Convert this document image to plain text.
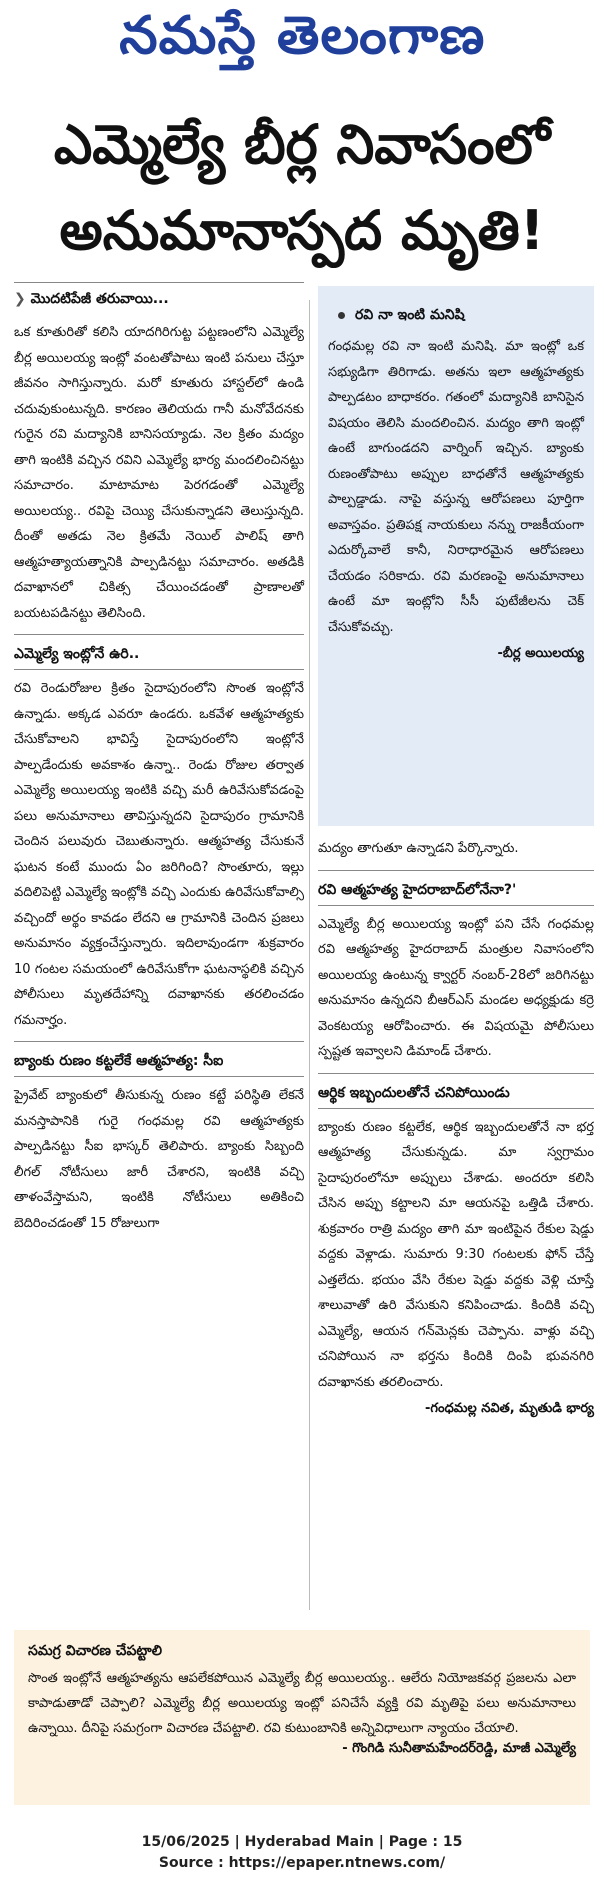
నమస్తే తెలంగాణ
ఎమ్మెల్యే బీర్ల నివాసంలో
అనుమానాస్పద మృతి!
❯ మొదటిపేజీ తరువాయి...

ఒక కూతురితో కలిసి యాదగిరిగుట్ట పట్టణంలోని ఎమ్మెల్యే బీర్ల అయిలయ్య ఇంట్లో వంటతోపాటు ఇంటి పనులు చేస్తూ జీవనం సాగిస్తున్నారు. మరో కూతురు హాస్టల్‌లో ఉండి చదువుకుంటున్నది. కారణం తెలియదు గానీ మనోవేదనకు గురైన రవి మద్యానికి బానిసయ్యాడు. నెల క్రితం మద్యం తాగి ఇంటికి వచ్చిన రవిని ఎమ్మెల్యే భార్య మందలించినట్టు సమాచారం. మాటామాట పెరగడంతో ఎమ్మెల్యే అయిలయ్య.. రవిపై చెయ్యి చేసుకున్నాడని తెలుస్తున్నది. దీంతో అతడు నెల క్రితమే నెయిల్ పాలిష్ తాగి ఆత్మహత్యాయత్నానికి పాల్పడినట్టు సమాచారం. అతడికి దవాఖానలో చికిత్స చేయించడంతో ప్రాణాలతో బయటపడినట్టు తెలిసింది.

ఎమ్మెల్యే ఇంట్లోనే ఉరి..

రవి రెండురోజుల క్రితం సైదాపురంలోని సొంత ఇంట్లోనే ఉన్నాడు. అక్కడ ఎవరూ ఉండరు. ఒకవేళ ఆత్మహత్యకు చేసుకోవాలని భావిస్తే సైదాపురంలోని ఇంట్లోనే పాల్పడేందుకు అవకాశం ఉన్నా.. రెండు రోజుల తర్వాత ఎమ్మెల్యే అయిలయ్య ఇంటికి వచ్చి మరీ ఉరివేసుకోవడంపై పలు అనుమానాలు తావిస్తున్నదని సైదాపురం గ్రామానికి చెందిన పలువురు చెబుతున్నారు. ఆత్మహత్య చేసుకునే ఘటన కంటే ముందు ఏం జరిగింది? సొంతూరు, ఇల్లు వదిలిపెట్టి ఎమ్మెల్యే ఇంట్లోకి వచ్చి ఎందుకు ఉరివేసుకోవాల్సి వచ్చిందో అర్థం కావడం లేదని ఆ గ్రామానికి చెందిన ప్రజలు అనుమానం వ్యక్తంచేస్తున్నారు. ఇదిలావుండగా శుక్రవారం 10 గంటల సమయంలో ఉరివేసుకోగా ఘటనాస్థలికి వచ్చిన పోలీసులు మృతదేహాన్ని దవాఖానకు తరలించడం గమనార్హం.

బ్యాంకు రుణం కట్టలేకే ఆత్మహత్య: సీఐ

ప్రైవేట్ బ్యాంకులో తీసుకున్న రుణం కట్టే పరిస్థితి లేకనే మనస్తాపానికి గురై గంధమల్ల రవి ఆత్మహత్యకు పాల్పడినట్టు సీఐ భాస్కర్ తెలిపారు. బ్యాంకు సిబ్బంది లీగల్ నోటీసులు జారీ చేశారని, ఇంటికి వచ్చి తాళంవేస్తామని, ఇంటికి నోటీసులు అతికించి బెదిరించడంతో 15 రోజులుగా

రవి నా ఇంటి మనిషి

గంధమల్ల రవి నా ఇంటి మనిషి. మా ఇంట్లో ఒక సభ్యుడిగా తిరిగాడు. అతను ఇలా ఆత్మహత్యకు పాల్పడటం బాధాకరం. గతంలో మద్యానికి బానిసైన విషయం తెలిసి మందలించిన. మద్యం తాగి ఇంట్లో ఉంటే బాగుండదని వార్నింగ్ ఇచ్చిన. బ్యాంకు రుణంతోపాటు అప్పుల బాధతోనే ఆత్మహత్యకు పాల్పడ్డాడు. నాపై వస్తున్న ఆరోపణలు పూర్తిగా అవాస్తవం. ప్రతిపక్ష నాయకులు నన్ను రాజకీయంగా ఎదుర్కోవాలే కానీ, నిరాధారమైన ఆరోపణలు చేయడం సరికాదు. రవి మరణంపై అనుమానాలు ఉంటే మా ఇంట్లోని సీసీ పుటేజీలను చెక్ చేసుకోవచ్చు.

-బీర్ల అయిలయ్య

మద్యం తాగుతూ ఉన్నాడని పేర్కొన్నారు.

రవి ఆత్మహత్య హైదరాబాద్‌లోనేనా?'

ఎమ్మెల్యే బీర్ల అయిలయ్య ఇంట్లో పని చేసే గంధమల్ల రవి ఆత్మహత్య హైదరాబాద్ మంత్రుల నివాసంలోని అయిలయ్య ఉంటున్న క్వార్టర్ నంబర్-28లో జరిగినట్టు అనుమానం ఉన్నదని బీఆర్‌ఎస్ మండల అధ్యక్షుడు కర్రె వెంకటయ్య ఆరోపించారు. ఈ విషయమై పోలీసులు స్పష్టత ఇవ్వాలని డిమాండ్ చేశారు.

ఆర్థిక ఇబ్బందులతోనే చనిపోయిండు

బ్యాంకు రుణం కట్టలేక, ఆర్థిక ఇబ్బందులతోనే నా భర్త ఆత్మహత్య చేసుకున్నడు. మా స్వగ్రామం సైదాపురంలోనూ అప్పులు చేశాడు. అందరూ కలిసి చేసిన అప్పు కట్టాలని మా ఆయనపై ఒత్తిడి చేశారు. శుక్రవారం రాత్రి మద్యం తాగి మా ఇంటిపైన రేకుల షెడ్డు వద్దకు వెళ్లాడు. సుమారు 9:30 గంటలకు ఫోన్ చేస్తే ఎత్తలేదు. భయం వేసి రేకుల షెడ్డు వద్దకు వెళ్లి చూస్తే శాలువాతో ఉరి వేసుకుని కనిపించాడు. కిందికి వచ్చి ఎమ్మెల్యే, ఆయన గన్‌మెన్లకు చెప్పాను. వాళ్లు వచ్చి చనిపోయిన నా భర్తను కిందికి దింపి భువనగిరి దవాఖానకు తరలించారు.

-గంధమల్ల నవిత, మృతుడి భార్య

సమగ్ర విచారణ చేపట్టాలి

సొంత ఇంట్లోనే ఆత్మహత్యను ఆపలేకపోయిన ఎమ్మెల్యే బీర్ల అయిలయ్య.. ఆలేరు నియోజకవర్గ ప్రజలను ఎలా కాపాడుతాడో చెప్పాలి? ఎమ్మెల్యే బీర్ల అయిలయ్య ఇంట్లో పనిచేసే వ్యక్తి రవి మృతిపై పలు అనుమానాలు ఉన్నాయి. దీనిపై సమగ్రంగా విచారణ చేపట్టాలి. రవి కుటుంబానికి అన్నివిధాలుగా న్యాయం చేయాలి.

- గొంగిడి సునీతామహేందర్‌రెడ్డి, మాజీ ఎమ్మెల్యే
15/06/2025 | Hyderabad Main | Page : 15
Source : https://epaper.ntnews.com/
